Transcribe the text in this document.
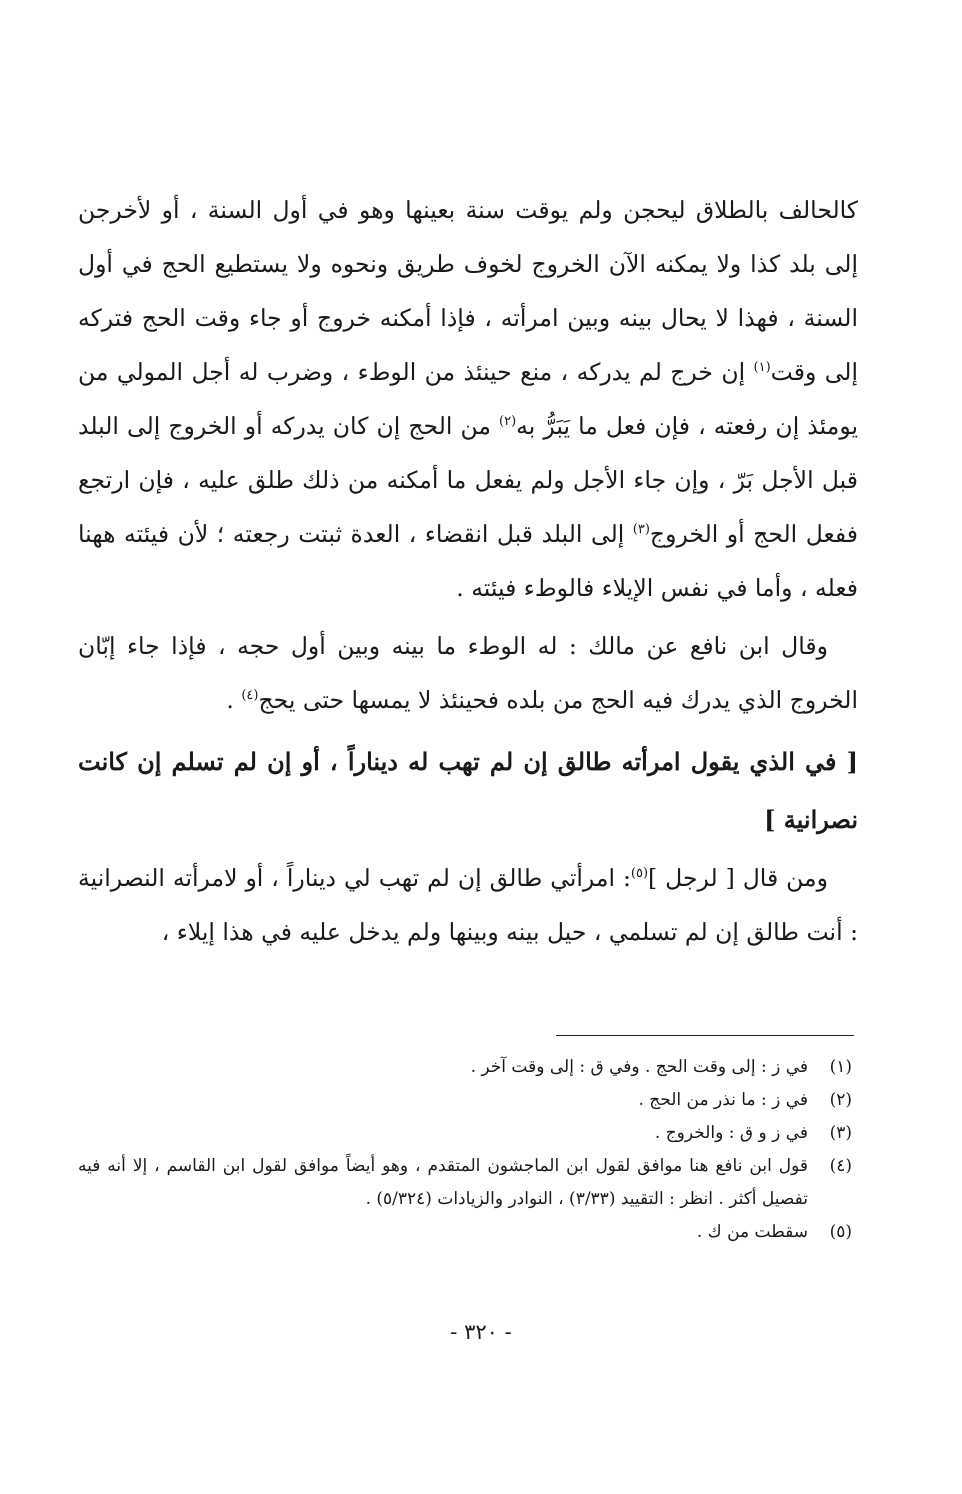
كالحالف بالطلاق ليحجن ولم يوقت سنة بعينها وهو في أول السنة ، أو لأخرجن إلى بلد كذا ولا يمكنه الآن الخروج لخوف طريق ونحوه ولا يستطيع الحج في أول السنة ، فهذا لا يحال بينه وبين امرأته ، فإذا أمكنه خروج أو جاء وقت الحج فتركه إلى وقت$^{(١)}$ إن خرج لم يدركه ، منع حينئذ من الوطء ، وضرب له أجل المولي من يومئذ إن رفعته ، فإن فعل ما يَبَرُّ به$^{(٢)}$ من الحج إن كان يدركه أو الخروج إلى البلد قبل الأجل بَرّ ، وإن جاء الأجل ولم يفعل ما أمكنه من ذلك طلق عليه ، فإن ارتجع ففعل الحج أو الخروج$^{(٣)}$ إلى البلد قبل انقضاء ، العدة ثبتت رجعته ؛ لأن فيئته ههنا فعله ، وأما في نفس الإيلاء فالوطء فيئته .

وقال ابن نافع عن مالك : له الوطء ما بينه وبين أول حجه ، فإذا جاء إبّان الخروج الذي يدرك فيه الحج من بلده فحينئذ لا يمسها حتى يحج$^{(٤)}$ .

[ في الذي يقول امرأته طالق إن لم تهب له ديناراً ، أو إن لم تسلم إن كانت نصرانية ]

ومن قال [ لرجل ]$^{(٥)}$: امرأتي طالق إن لم تهب لي ديناراً ، أو لامرأته النصرانية : أنت طالق إن لم تسلمي ، حيل بينه وبينها ولم يدخل عليه في هذا إيلاء ،

(١)
في ز : إلى وقت الحج . وفي ق : إلى وقت آخر .
(٢)
في ز : ما نذر من الحج .
(٣)
في ز و ق : والخروج .
(٤)
قول ابن نافع هنا موافق لقول ابن الماجشون المتقدم ، وهو أيضاً موافق لقول ابن القاسم ، إلا أنه فيه تفصيل أكثر . انظر : التقييد (٣/٣٣) ، النوادر والزيادات (٥/٣٢٤) .
(٥)
سقطت من ك .
- ٣٢٠ -
